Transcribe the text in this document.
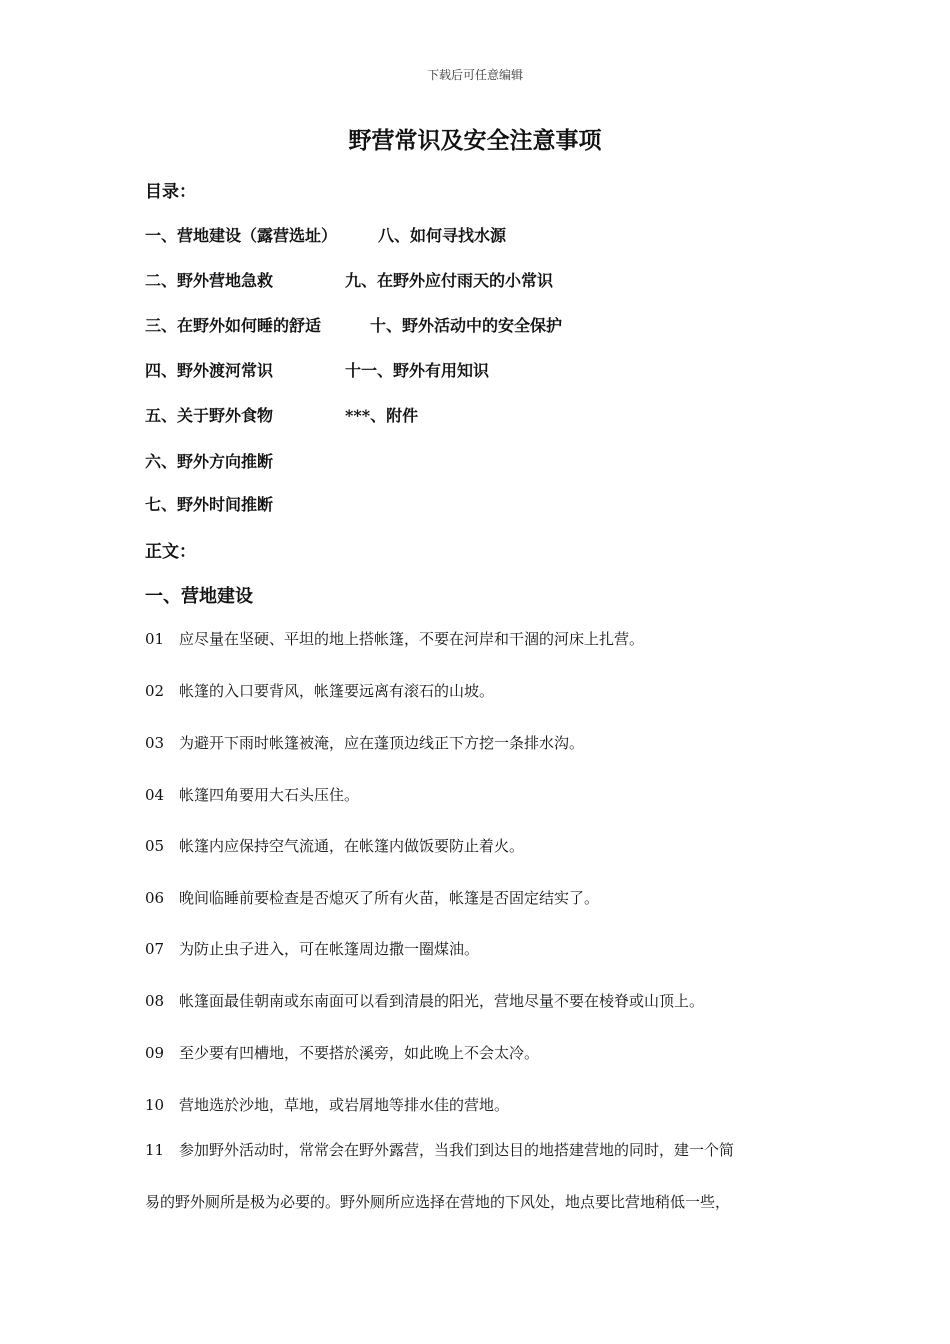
下载后可任意编辑
野营常识及安全注意事项
目录：
一、营地建设（露营选址）
二、野外营地急救
三、在野外如何睡的舒适
四、野外渡河常识
五、关于野外食物
六、野外方向推断
七、野外时间推断
八、如何寻找水源
九、在野外应付雨天的小常识
十、野外活动中的安全保护
十一、野外有用知识
***、附件
正文：
一、营地建设
01 应尽量在坚硬、平坦的地上搭帐篷，不要在河岸和干涸的河床上扎营。
02 帐篷的入口要背风，帐篷要远离有滚石的山坡。
03 为避开下雨时帐篷被淹，应在蓬顶边线正下方挖一条排水沟。
04 帐篷四角要用大石头压住。
05 帐篷内应保持空气流通，在帐篷内做饭要防止着火。
06 晚间临睡前要检查是否熄灭了所有火苗，帐篷是否固定结实了。
07 为防止虫子进入，可在帐篷周边撒一圈煤油。
08 帐篷面最佳朝南或东南面可以看到清晨的阳光，营地尽量不要在棱脊或山顶上。
09 至少要有凹槽地，不要搭於溪旁，如此晚上不会太冷。
10 营地选於沙地，草地，或岩屑地等排水佳的营地。
11 参加野外活动时，常常会在野外露营，当我们到达目的地搭建营地的同时，建一个简
易的野外厕所是极为必要的。野外厕所应选择在营地的下风处，地点要比营地稍低一些，
